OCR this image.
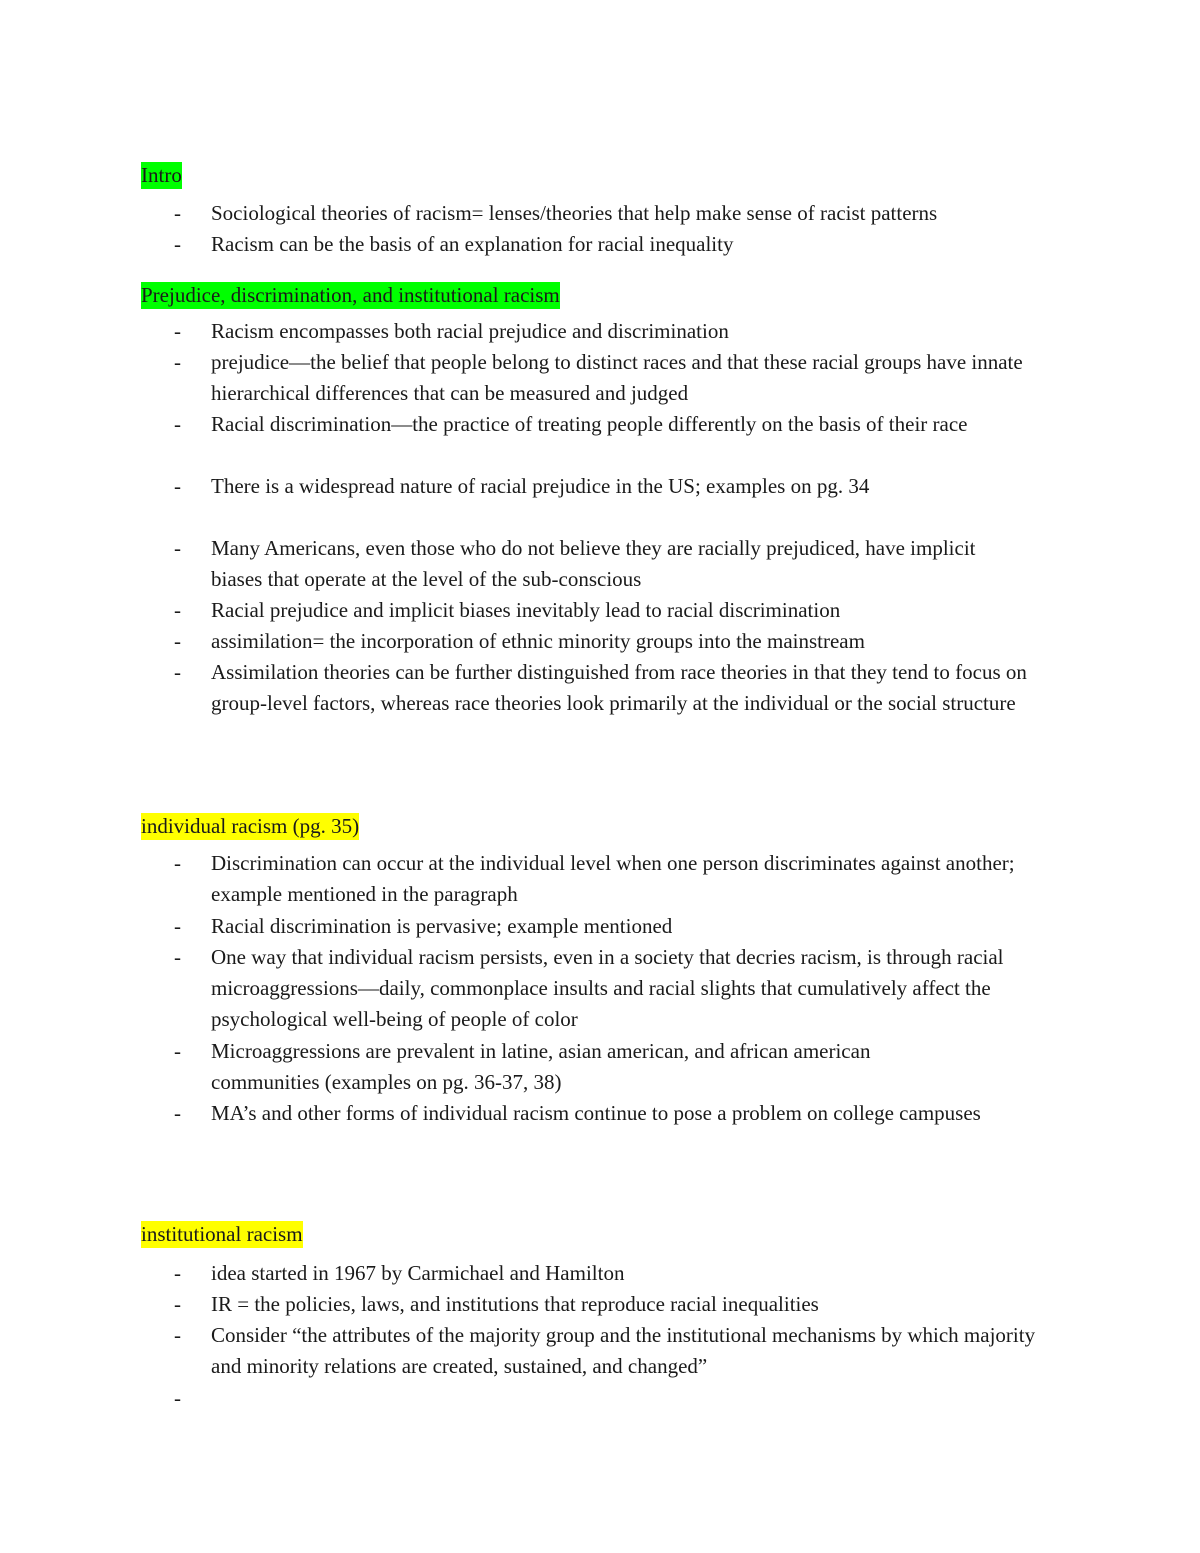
Intro
- Sociological theories of racism= lenses/theories that help make sense of racist patterns
- Racism can be the basis of an explanation for racial inequality
Prejudice, discrimination, and institutional racism
- Racism encompasses both racial prejudice and discrimination
- prejudice—the belief that people belong to distinct races and that these racial groups have innate hierarchical differences that can be measured and judged
- Racial discrimination—the practice of treating people differently on the basis of their race
- There is a widespread nature of racial prejudice in the US; examples on pg. 34
- Many Americans, even those who do not believe they are racially prejudiced, have implicit biases that operate at the level of the sub-conscious
- Racial prejudice and implicit biases inevitably lead to racial discrimination
- assimilation= the incorporation of ethnic minority groups into the mainstream
- Assimilation theories can be further distinguished from race theories in that they tend to focus on group-level factors, whereas race theories look primarily at the individual or the social structure
individual racism (pg. 35)
- Discrimination can occur at the individual level when one person discriminates against another; example mentioned in the paragraph
- Racial discrimination is pervasive; example mentioned
- One way that individual racism persists, even in a society that decries racism, is through racial microaggressions—daily, commonplace insults and racial slights that cumulatively affect the psychological well-being of people of color
- Microaggressions are prevalent in latine, asian american, and african american communities (examples on pg. 36-37, 38)
- MA’s and other forms of individual racism continue to pose a problem on college campuses
institutional racism
- idea started in 1967 by Carmichael and Hamilton
- IR = the policies, laws, and institutions that reproduce racial inequalities
- Consider “the attributes of the majority group and the institutional mechanisms by which majority and minority relations are created, sustained, and changed”
-
